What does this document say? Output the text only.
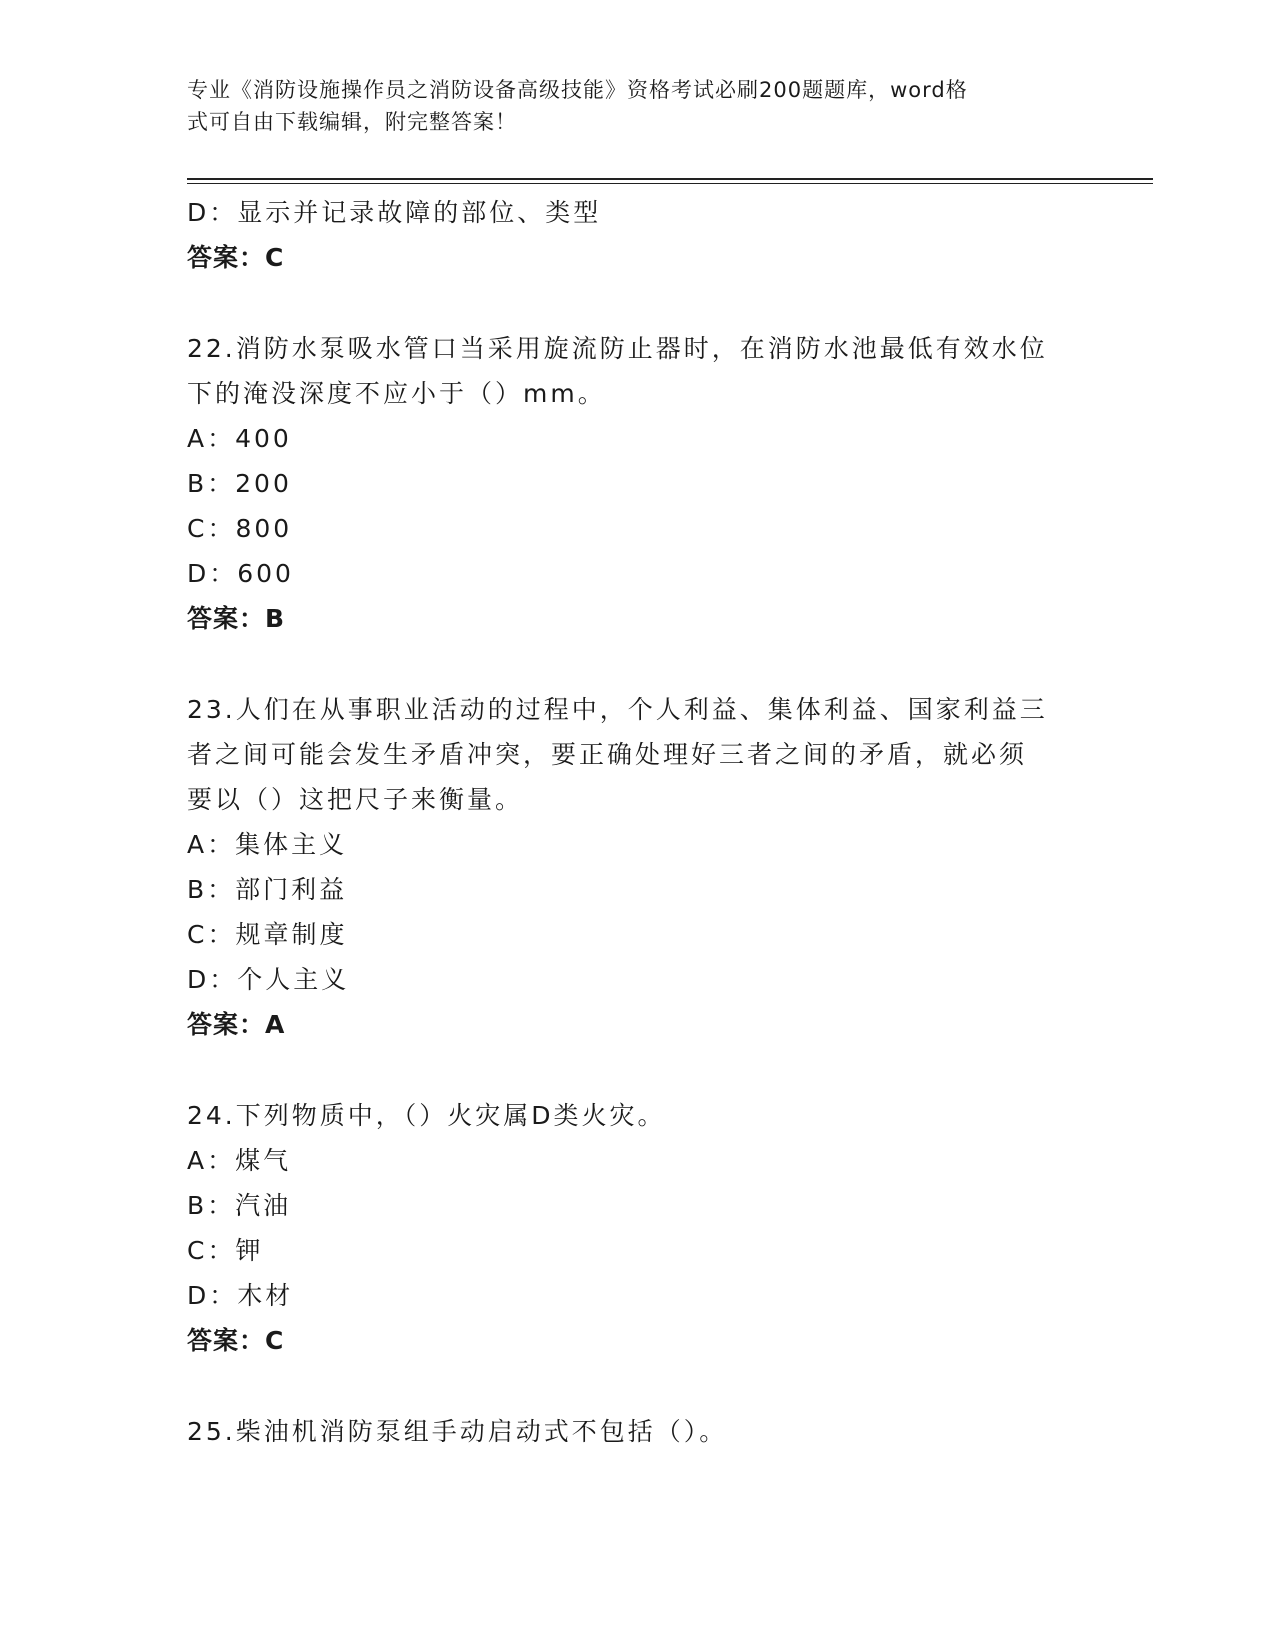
专业《消防设施操作员之消防设备高级技能》资格考试必刷200题题库，word格
式可自由下载编辑，附完整答案！
D：显示并记录故障的部位、类型
答案：C
22.消防水泵吸水管口当采用旋流防止器时，在消防水池最低有效水位
下的淹没深度不应小于（）mm。
A：400
B：200
C：800
D：600
答案：B
23.人们在从事职业活动的过程中，个人利益、集体利益、国家利益三
者之间可能会发生矛盾冲突，要正确处理好三者之间的矛盾，就必须
要以（）这把尺子来衡量。
A：集体主义
B：部门利益
C：规章制度
D：个人主义
答案：A
24.下列物质中，（）火灾属D类火灾。
A：煤气
B：汽油
C：钾
D：木材
答案：C
25.柴油机消防泵组手动启动式不包括（）。
